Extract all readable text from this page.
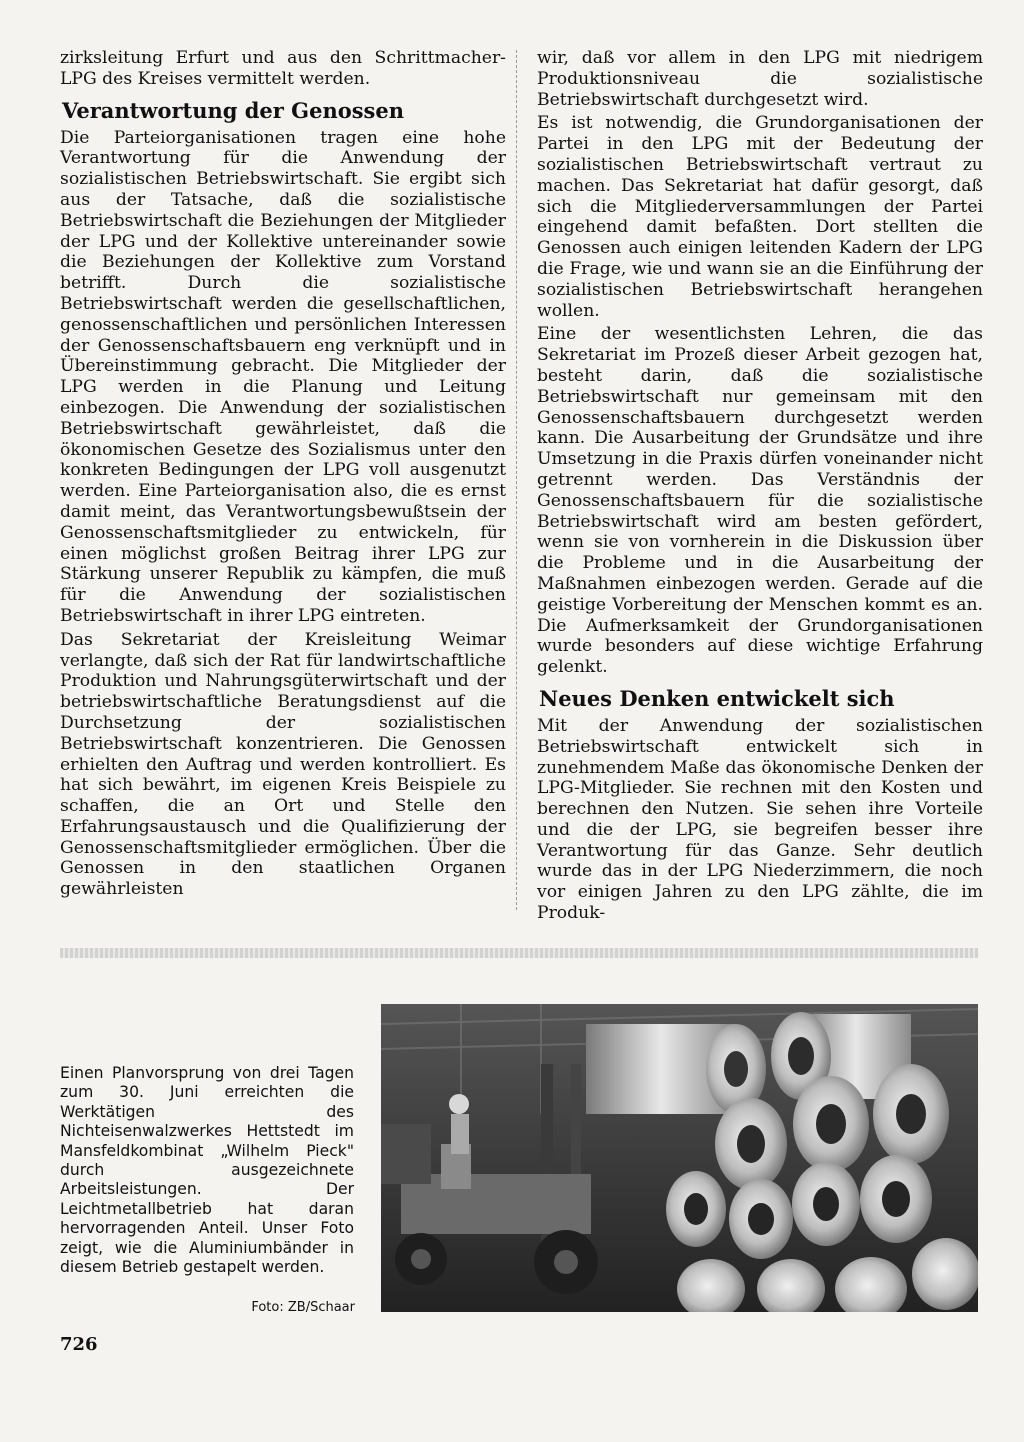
zirksleitung Erfurt und aus den Schrittmacher-LPG des Kreises vermittelt werden.

Verantwortung der Genossen

Die Parteiorganisationen tragen eine hohe Verantwortung für die Anwendung der sozialistischen Betriebswirtschaft. Sie ergibt sich aus der Tatsache, daß die sozialistische Betriebswirtschaft die Beziehungen der Mitglieder der LPG und der Kollektive untereinander sowie die Beziehungen der Kollektive zum Vorstand betrifft. Durch die sozialistische Betriebswirtschaft werden die gesellschaftlichen, genossenschaftlichen und persönlichen Interessen der Genossenschaftsbauern eng verknüpft und in Übereinstimmung gebracht. Die Mitglieder der LPG werden in die Planung und Leitung einbezogen. Die Anwendung der sozialistischen Betriebswirtschaft gewährleistet, daß die ökonomischen Gesetze des Sozialismus unter den konkreten Bedingungen der LPG voll ausgenutzt werden. Eine Parteiorganisation also, die es ernst damit meint, das Verantwortungsbewußtsein der Genossenschaftsmitglieder zu entwickeln, für einen möglichst großen Beitrag ihrer LPG zur Stärkung unserer Republik zu kämpfen, die muß für die Anwendung der sozialistischen Betriebswirtschaft in ihrer LPG eintreten.

Das Sekretariat der Kreisleitung Weimar verlangte, daß sich der Rat für landwirtschaftliche Produktion und Nahrungsgüterwirtschaft und der betriebswirtschaftliche Beratungsdienst auf die Durchsetzung der sozialistischen Betriebswirtschaft konzentrieren. Die Genossen erhielten den Auftrag und werden kontrolliert. Es hat sich bewährt, im eigenen Kreis Beispiele zu schaffen, die an Ort und Stelle den Erfahrungsaustausch und die Qualifizierung der Genossenschaftsmitglieder ermöglichen. Über die Genossen in den staatlichen Organen gewährleisten

wir, daß vor allem in den LPG mit niedrigem Produktionsniveau die sozialistische Betriebswirtschaft durchgesetzt wird.

Es ist notwendig, die Grundorganisationen der Partei in den LPG mit der Bedeutung der sozialistischen Betriebswirtschaft vertraut zu machen. Das Sekretariat hat dafür gesorgt, daß sich die Mitgliederversammlungen der Partei eingehend damit befaßten. Dort stellten die Genossen auch einigen leitenden Kadern der LPG die Frage, wie und wann sie an die Einführung der sozialistischen Betriebswirtschaft herangehen wollen.

Eine der wesentlichsten Lehren, die das Sekretariat im Prozeß dieser Arbeit gezogen hat, besteht darin, daß die sozialistische Betriebswirtschaft nur gemeinsam mit den Genossenschaftsbauern durchgesetzt werden kann. Die Ausarbeitung der Grundsätze und ihre Umsetzung in die Praxis dürfen voneinander nicht getrennt werden. Das Verständnis der Genossenschaftsbauern für die sozialistische Betriebswirtschaft wird am besten gefördert, wenn sie von vornherein in die Diskussion über die Probleme und in die Ausarbeitung der Maßnahmen einbezogen werden. Gerade auf die geistige Vorbereitung der Menschen kommt es an. Die Aufmerksamkeit der Grundorganisationen wurde besonders auf diese wichtige Erfahrung gelenkt.

Neues Denken entwickelt sich

Mit der Anwendung der sozialistischen Betriebswirtschaft entwickelt sich in zunehmendem Maße das ökonomische Denken der LPG-Mitglieder. Sie rechnen mit den Kosten und berechnen den Nutzen. Sie sehen ihre Vorteile und die der LPG, sie begreifen besser ihre Verantwortung für das Ganze. Sehr deutlich wurde das in der LPG Niederzimmern, die noch vor einigen Jahren zu den LPG zählte, die im Produk-

Einen Planvorsprung von drei Tagen zum 30. Juni erreichten die Werktätigen des Nichteisenwalzwerkes Hettstedt im Mansfeldkombinat „Wilhelm Pieck" durch ausgezeichnete Arbeitsleistungen. Der Leichtmetallbetrieb hat daran hervorragenden Anteil. Unser Foto zeigt, wie die Aluminiumbänder in diesem Betrieb gestapelt werden.
Foto: ZB/Schaar
726
